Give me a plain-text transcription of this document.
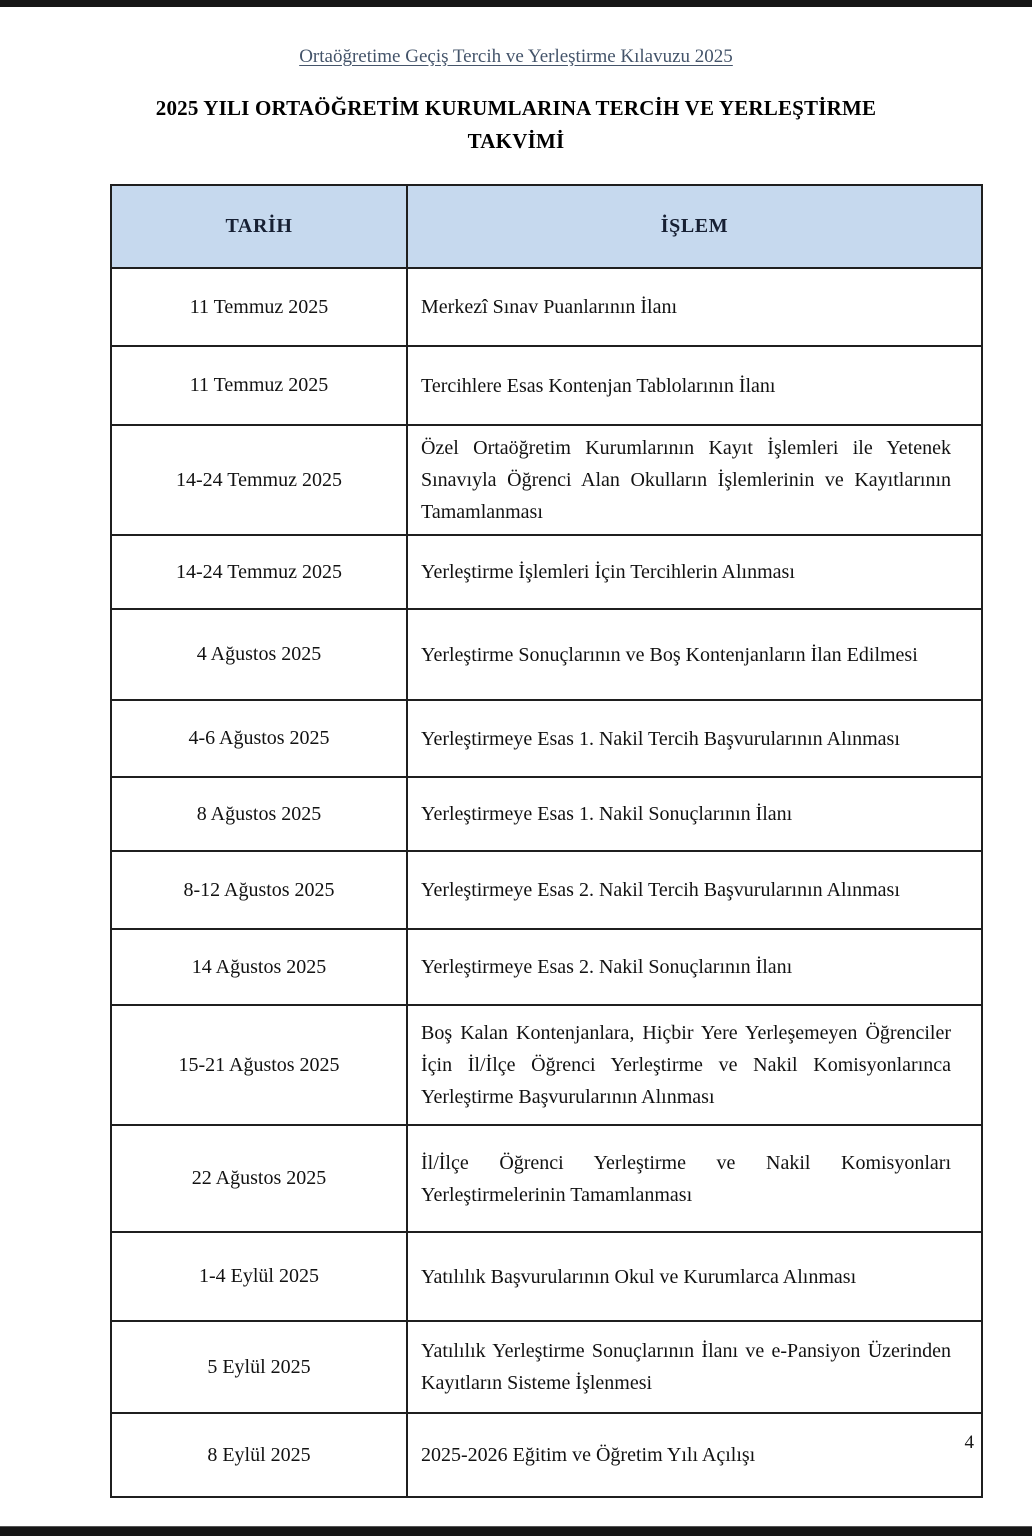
Ortaöğretime Geçiş Tercih ve Yerleştirme Kılavuzu 2025
2025 YILI ORTAÖĞRETİM KURUMLARINA TERCİH VE YERLEŞTİRME TAKVİMİ
TARİH	İŞLEM
11 Temmuz 2025	Merkezî Sınav Puanlarının İlanı
11 Temmuz 2025	Tercihlere Esas Kontenjan Tablolarının İlanı
14-24 Temmuz 2025	Özel Ortaöğretim Kurumlarının Kayıt İşlemleri ile Yetenek Sınavıyla Öğrenci Alan Okulların İşlemlerinin ve Kayıtlarının Tamamlanması
14-24 Temmuz 2025	Yerleştirme İşlemleri İçin Tercihlerin Alınması
4 Ağustos 2025	Yerleştirme Sonuçlarının ve Boş Kontenjanların İlan Edilmesi
4-6 Ağustos 2025	Yerleştirmeye Esas 1. Nakil Tercih Başvurularının Alınması
8 Ağustos 2025	Yerleştirmeye Esas 1. Nakil Sonuçlarının İlanı
8-12 Ağustos 2025	Yerleştirmeye Esas 2. Nakil Tercih Başvurularının Alınması
14 Ağustos 2025	Yerleştirmeye Esas 2. Nakil Sonuçlarının İlanı
15-21 Ağustos 2025	Boş Kalan Kontenjanlara, Hiçbir Yere Yerleşemeyen Öğrenciler İçin İl/İlçe Öğrenci Yerleştirme ve Nakil Komisyonlarınca Yerleştirme Başvurularının Alınması
22 Ağustos 2025	İl/İlçe Öğrenci Yerleştirme ve Nakil Komisyonları Yerleştirmelerinin Tamamlanması
1-4 Eylül 2025	Yatılılık Başvurularının Okul ve Kurumlarca Alınması
5 Eylül 2025	Yatılılık Yerleştirme Sonuçlarının İlanı ve e-Pansiyon Üzerinden Kayıtların Sisteme İşlenmesi
8 Eylül 2025	2025-2026 Eğitim ve Öğretim Yılı Açılışı
4
